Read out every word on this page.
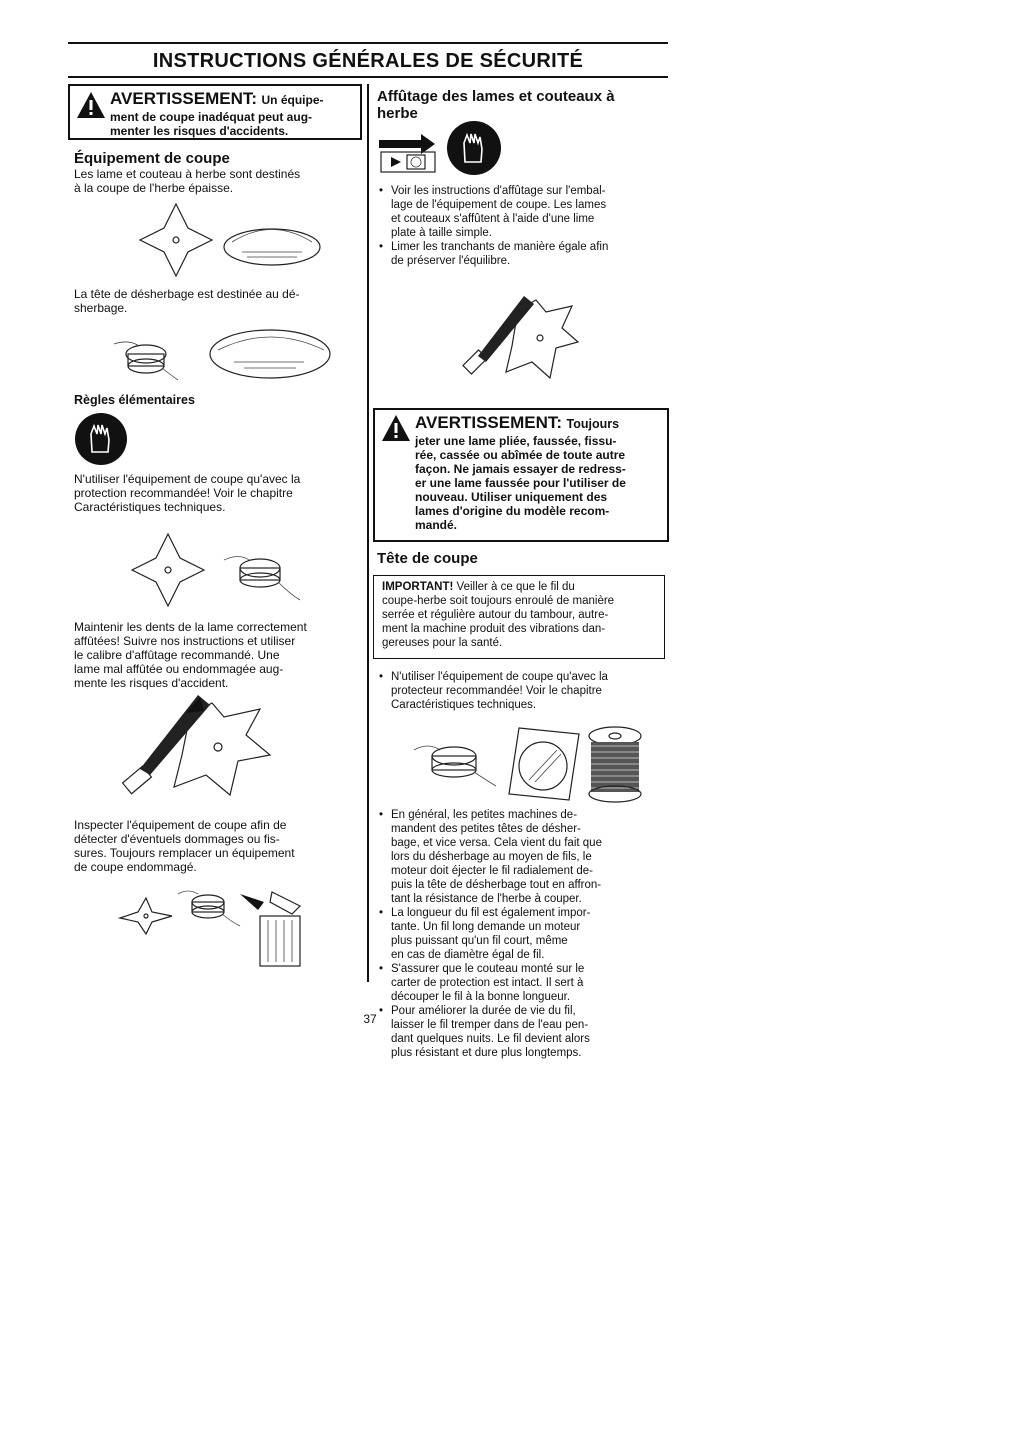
INSTRUCTIONS GÉNÉRALES DE SÉCURITÉ
AVERTISSEMENT: Un équipe-
ment de coupe inadéquat peut aug-
menter les risques d'accidents.
Équipement de coupe
Les lame et couteau à herbe sont destinés
à la coupe de l'herbe épaisse.
La tête de désherbage est destinée au dé-
sherbage.
Règles élémentaires
N'utiliser l'équipement de coupe qu'avec la
protection recommandée! Voir le chapitre
Caractéristiques techniques.
Maintenir les dents de la lame correctement
affûtées! Suivre nos instructions et utiliser
le calibre d'affûtage recommandé. Une
lame mal affûtée ou endommagée aug-
mente les risques d'accident.
Inspecter l'équipement de coupe afin de
détecter d'éventuels dommages ou fis-
sures. Toujours remplacer un équipement
de coupe endommagé.
Affûtage des lames et couteaux à
herbe
• Voir les instructions d'affûtage sur l'embal-
lage de l'équipement de coupe. Les lames
et couteaux s'affûtent à l'aide d'une lime
plate à taille simple.
• Limer les tranchants de manière égale afin
de préserver l'équilibre.
AVERTISSEMENT: Toujours
jeter une lame pliée, faussée, fissu-
rée, cassée ou abîmée de toute autre
façon. Ne jamais essayer de redress-
er une lame faussée pour l'utiliser de
nouveau. Utiliser uniquement des
lames d'origine du modèle recom-
mandé.
Tête de coupe
IMPORTANT! Veiller à ce que le fil du
coupe-herbe soit toujours enroulé de manière
serrée et régulière autour du tambour, autre-
ment la machine produit des vibrations dan-
gereuses pour la santé.
• N'utiliser l'équipement de coupe qu'avec la
protecteur recommandée! Voir le chapitre
Caractéristiques techniques.
• En général, les petites machines de-
mandent des petites têtes de désher-
bage, et vice versa. Cela vient du fait que
lors du désherbage au moyen de fils, le
moteur doit éjecter le fil radialement de-
puis la tête de désherbage tout en affron-
tant la résistance de l'herbe à couper.
• La longueur du fil est également impor-
tante. Un fil long demande un moteur
plus puissant qu'un fil court, même
en cas de diamètre égal de fil.
• S'assurer que le couteau monté sur le
carter de protection est intact. Il sert à
découper le fil à la bonne longueur.
• Pour améliorer la durée de vie du fil,
laisser le fil tremper dans de l'eau pen-
dant quelques nuits. Le fil devient alors
plus résistant et dure plus longtemps.
37
